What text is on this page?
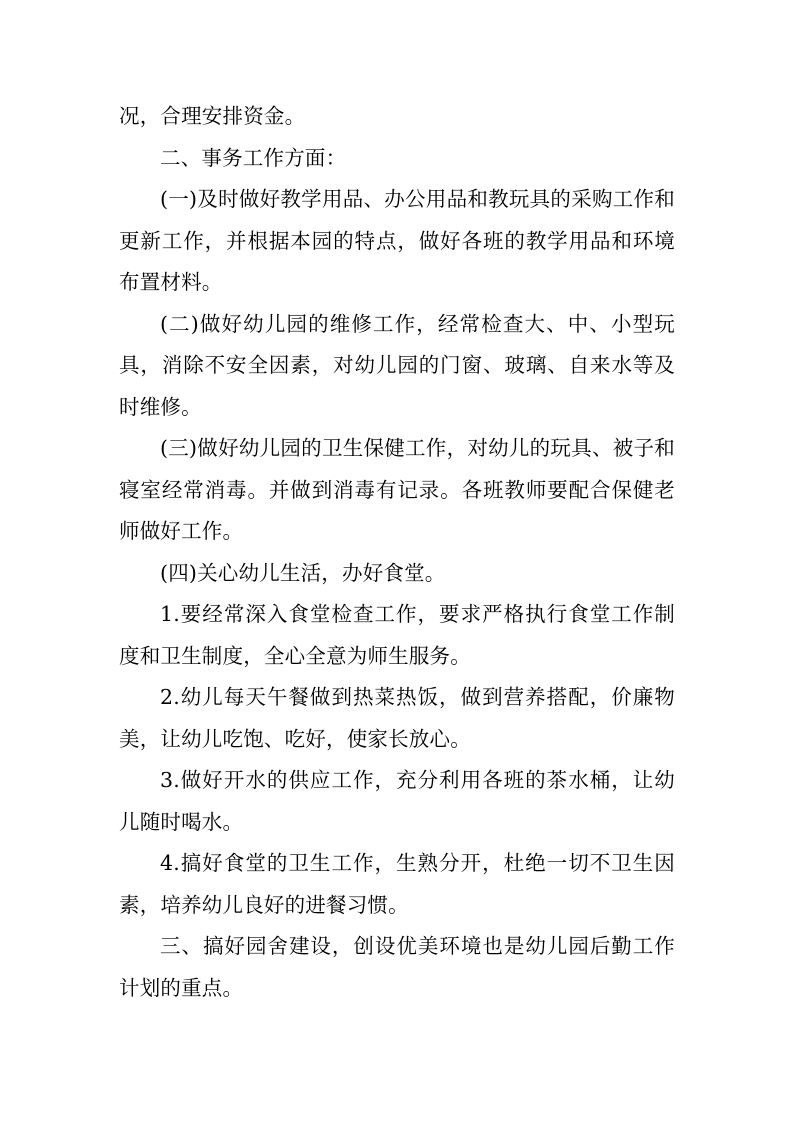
况，合理安排资金。

二、事务工作方面：

(一)及时做好教学用品、办公用品和教玩具的采购工作和更新工作，并根据本园的特点，做好各班的教学用品和环境布置材料。

(二)做好幼儿园的维修工作，经常检查大、中、小型玩具，消除不安全因素，对幼儿园的门窗、玻璃、自来水等及时维修。

(三)做好幼儿园的卫生保健工作，对幼儿的玩具、被子和寝室经常消毒。并做到消毒有记录。各班教师要配合保健老师做好工作。

(四)关心幼儿生活，办好食堂。

1.要经常深入食堂检查工作，要求严格执行食堂工作制度和卫生制度，全心全意为师生服务。

2.幼儿每天午餐做到热菜热饭，做到营养搭配，价廉物美，让幼儿吃饱、吃好，使家长放心。

3.做好开水的供应工作，充分利用各班的茶水桶，让幼儿随时喝水。

4.搞好食堂的卫生工作，生熟分开，杜绝一切不卫生因素，培养幼儿良好的进餐习惯。

三、搞好园舍建设，创设优美环境也是幼儿园后勤工作计划的重点。
